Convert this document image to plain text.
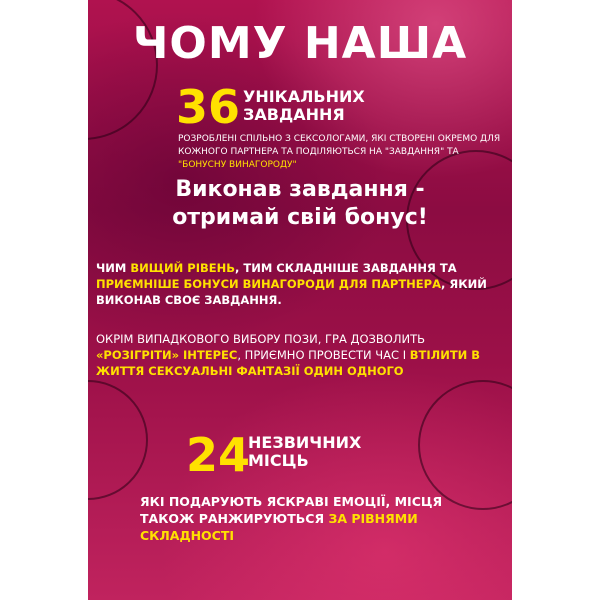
ЧОМУ НАША
36 УНІКАЛЬНИХ
ЗАВДАННЯ
РОЗРОБЛЕНІ СПІЛЬНО З СЕКСОЛОГАМИ, ЯКІ СТВОРЕНІ ОКРЕМО ДЛЯ КОЖНОГО ПАРТНЕРА ТА ПОДІЛЯЮТЬСЯ НА "ЗАВДАННЯ" ТА "БОНУСНУ ВИНАГОРОДУ"
Виконав завдання -
отримай свій бонус!
ЧИМ ВИЩИЙ РІВЕНЬ, ТИМ СКЛАДНІШЕ ЗАВДАННЯ ТА ПРИЄМНІШЕ БОНУСИ ВИНАГОРОДИ ДЛЯ ПАРТНЕРА, ЯКИЙ ВИКОНАВ СВОЄ ЗАВДАННЯ.
ОКРІМ ВИПАДКОВОГО ВИБОРУ ПОЗИ, ГРА ДОЗВОЛИТЬ «РОЗІГРІТИ» ІНТЕРЕС, ПРИЄМНО ПРОВЕСТИ ЧАС І ВТІЛИТИ В ЖИТТЯ СЕКСУАЛЬНІ ФАНТАЗІЇ ОДИН ОДНОГО
24
НЕЗВИЧНИХ
МІСЦЬ
ЯКІ ПОДАРУЮТЬ ЯСКРАВІ ЕМОЦІЇ, МІСЦЯ ТАКОЖ РАНЖИРУЮТЬСЯ ЗА РІВНЯМИ СКЛАДНОСТІ
